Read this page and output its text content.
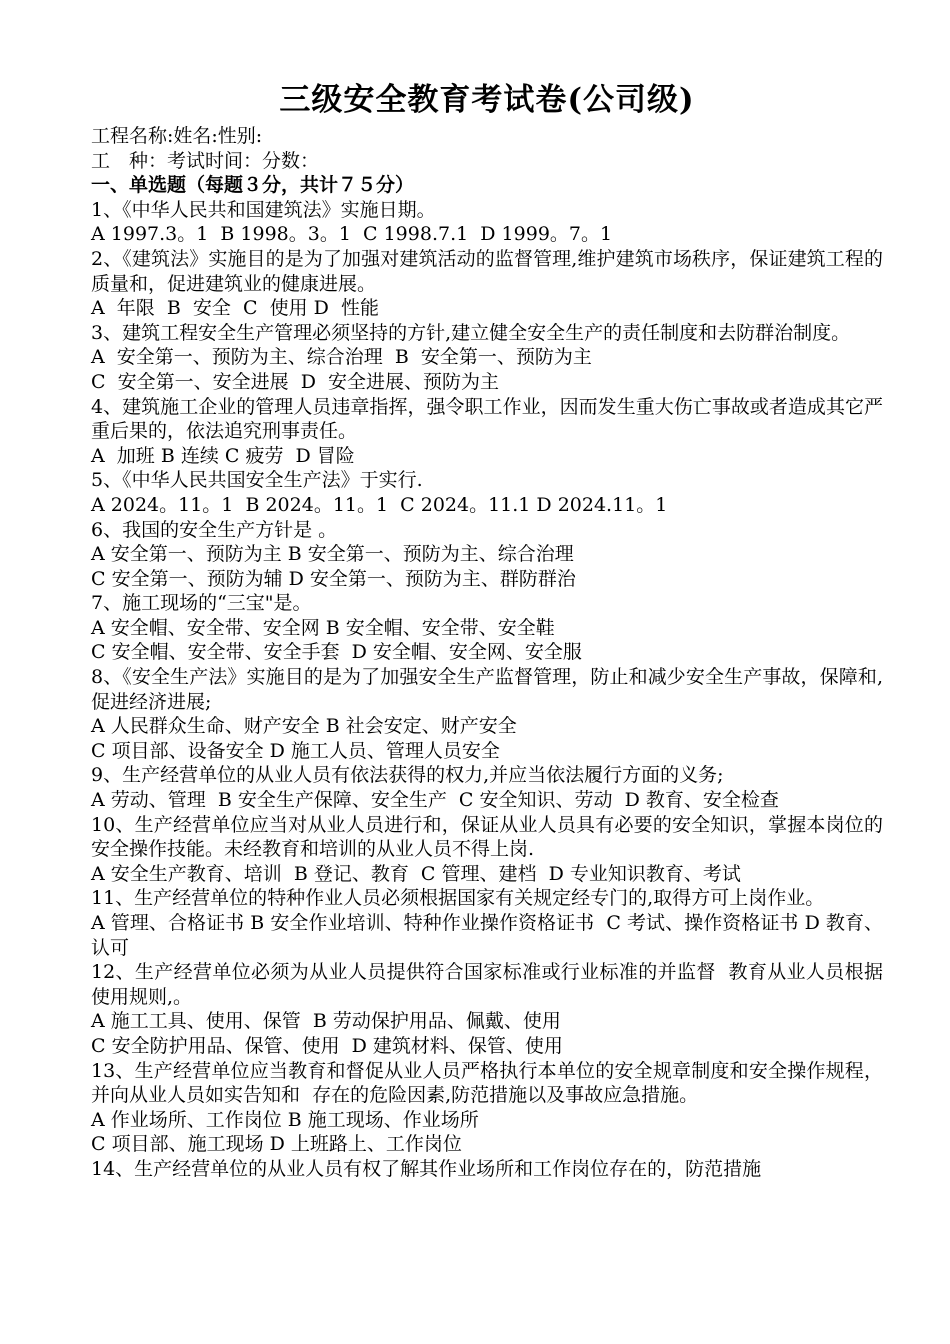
三级安全教育考试卷(公司级)
工程名称:姓名:性别:
工　种：考试时间：分数：
一、单选题（每题３分，共计７５分）
1、《中华人民共和国建筑法》实施日期。
A 1997.3。1  B 1998。3。1  C 1998.7.1  D 1999。7。1
2、《建筑法》实施目的是为了加强对建筑活动的监督管理,维护建筑市场秩序，保证建筑工程的质量和，促进建筑业的健康进展。
A  年限  B  安全  C  使用 D  性能
3、建筑工程安全生产管理必须坚持的方针,建立健全安全生产的责任制度和去防群治制度。
A  安全第一、预防为主、综合治理  B  安全第一、预防为主
C  安全第一、安全进展  D  安全进展、预防为主
4、建筑施工企业的管理人员违章指挥，强令职工作业，因而发生重大伤亡事故或者造成其它严重后果的，依法追究刑事责任。
A  加班 B 连续 C 疲劳  D 冒险
5、《中华人民共国安全生产法》于实行.
A 2024。11。1  B 2024。11。1  C 2024。11.1 D 2024.11。1
6、我国的安全生产方针是 。
A 安全第一、预防为主 B 安全第一、预防为主、综合治理
C 安全第一、预防为辅 D 安全第一、预防为主、群防群治
7、施工现场的“三宝"是。
A 安全帽、安全带、安全网 B 安全帽、安全带、安全鞋
C 安全帽、安全带、安全手套  D 安全帽、安全网、安全服
8、《安全生产法》实施目的是为了加强安全生产监督管理，防止和减少安全生产事故，保障和,促进经济进展;
A 人民群众生命、财产安全 B 社会安定、财产安全
C 项目部、设备安全 D 施工人员、管理人员安全
9、生产经营单位的从业人员有依法获得的权力,并应当依法履行方面的义务;
A 劳动、管理  B 安全生产保障、安全生产  C 安全知识、劳动  D 教育、安全检查
10、生产经营单位应当对从业人员进行和，保证从业人员具有必要的安全知识，掌握本岗位的安全操作技能。未经教育和培训的从业人员不得上岗.
A 安全生产教育、培训  B 登记、教育  C 管理、建档  D 专业知识教育、考试
11、生产经营单位的特种作业人员必须根据国家有关规定经专门的,取得方可上岗作业。
A 管理、合格证书 B 安全作业培训、特种作业操作资格证书  C 考试、操作资格证书 D 教育、认可
12、生产经营单位必须为从业人员提供符合国家标准或行业标准的并监督  教育从业人员根据使用规则,。
A 施工工具、使用、保管  B 劳动保护用品、佩戴、使用
C 安全防护用品、保管、使用  D 建筑材料、保管、使用
13、生产经营单位应当教育和督促从业人员严格执行本单位的安全规章制度和安全操作规程，并向从业人员如实告知和  存在的危险因素,防范措施以及事故应急措施。
A 作业场所、工作岗位 B 施工现场、作业场所
C 项目部、施工现场 D 上班路上、工作岗位
14、生产经营单位的从业人员有权了解其作业场所和工作岗位存在的，防范措施
